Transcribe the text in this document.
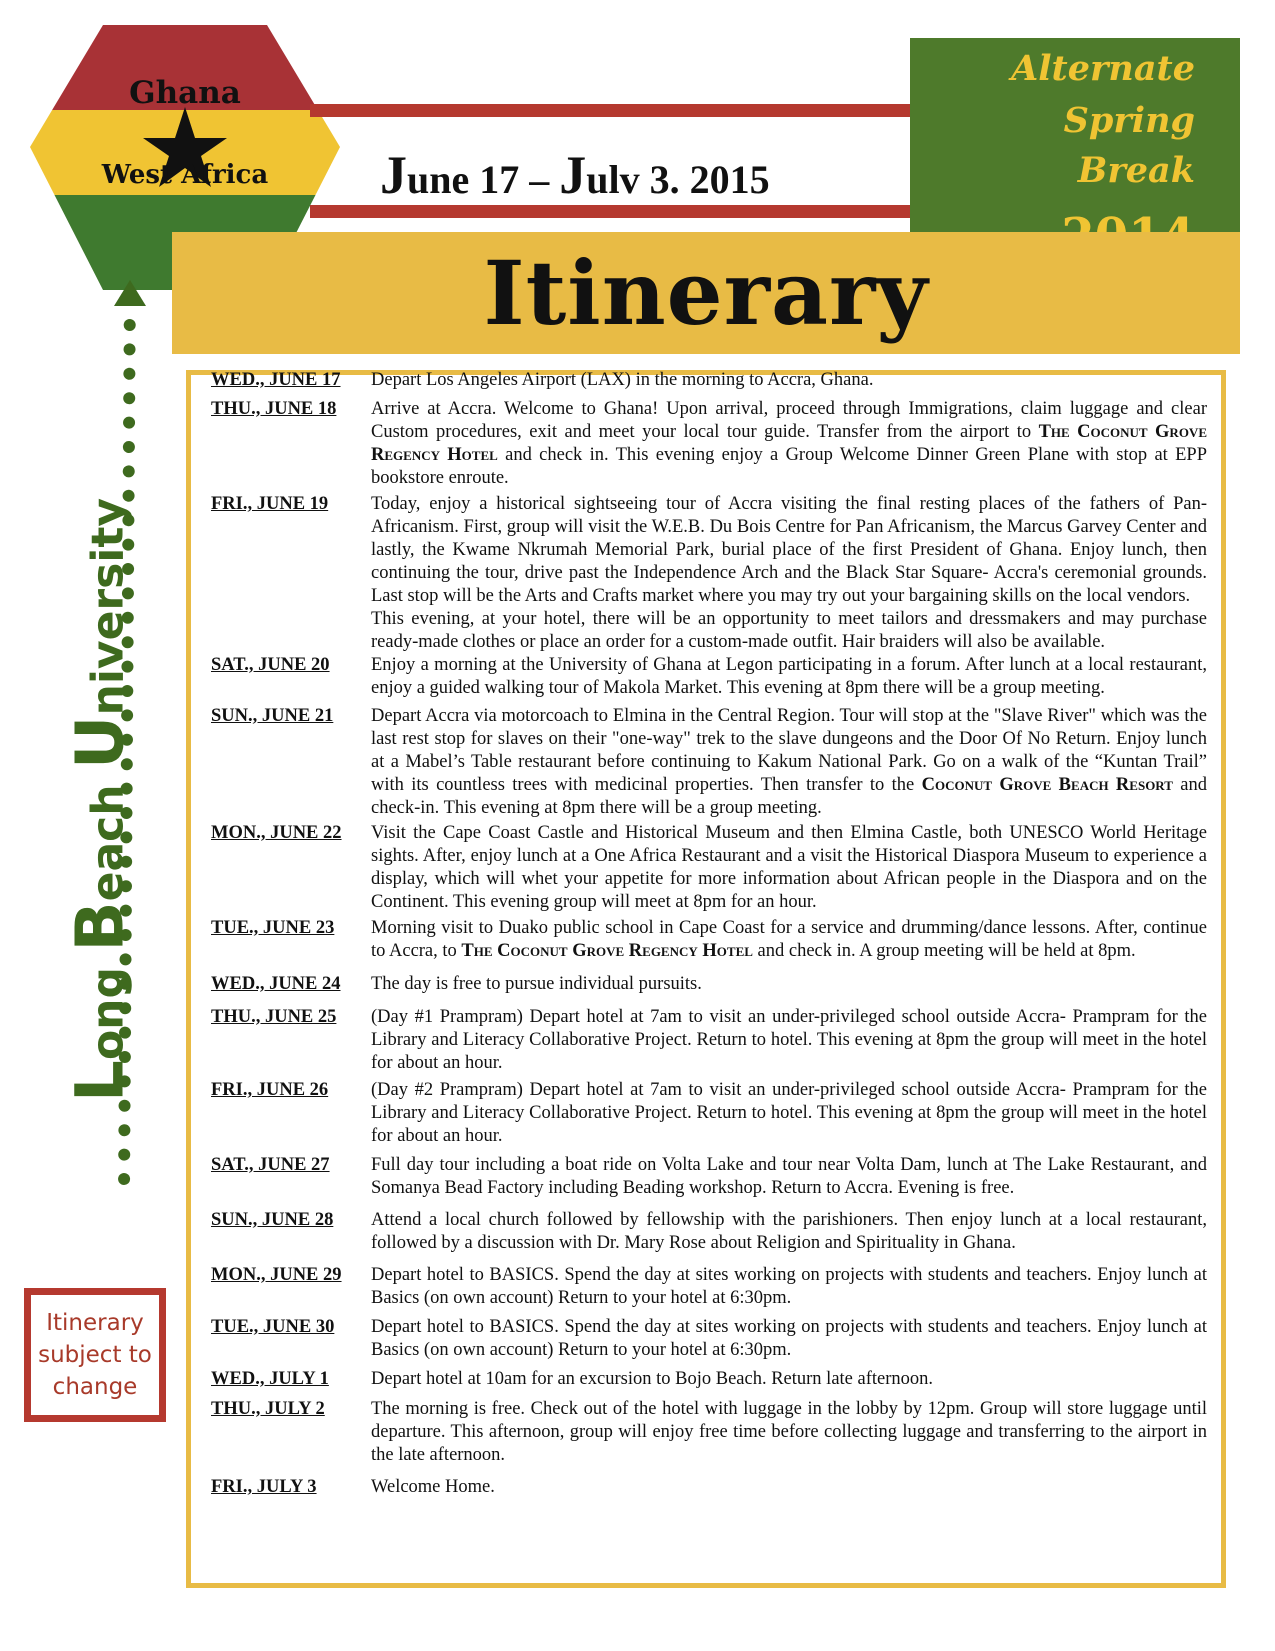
Ghana
West Africa	June 17 – Julv 3. 2015
Alternate
Spring
Break
Itinerary
Long Beach University
Itinerary subject to change
WED., JUNE 17	Depart Los Angeles Airport (LAX) in the morning to Accra, Ghana.
THU., JUNE 18	Arrive at Accra. Welcome to Ghana! Upon arrival, proceed through Immigrations, claim luggage and clear Custom procedures, exit and meet your local tour guide. Transfer from the airport to The Coconut Grove Regency Hotel and check in. This evening enjoy a Group Welcome Dinner Green Plane with stop at EPP bookstore enroute.
FRI., JUNE 19	Today, enjoy a historical sightseeing tour of Accra visiting the final resting places of the fathers of Pan-Africanism. First, group will visit the W.E.B. Du Bois Centre for Pan Africanism, the Marcus Garvey Center and lastly, the Kwame Nkrumah Memorial Park, burial place of the first President of Ghana. Enjoy lunch, then continuing the tour, drive past the Independence Arch and the Black Star Square- Accra's ceremonial grounds. Last stop will be the Arts and Crafts market where you may try out your bargaining skills on the local vendors.
This evening, at your hotel, there will be an opportunity to meet tailors and dressmakers and may purchase ready-made clothes or place an order for a custom-made outfit. Hair braiders will also be available.
SAT., JUNE 20	Enjoy a morning at the University of Ghana at Legon participating in a forum. After lunch at a local restaurant, enjoy a guided walking tour of Makola Market. This evening at 8pm there will be a group meeting.
SUN., JUNE 21	Depart Accra via motorcoach to Elmina in the Central Region. Tour will stop at the "Slave River" which was the last rest stop for slaves on their "one-way" trek to the slave dungeons and the Door Of No Return. Enjoy lunch at a Mabel’s Table restaurant before continuing to Kakum National Park. Go on a walk of the “Kuntan Trail” with its countless trees with medicinal properties. Then transfer to the Coconut Grove Beach Resort and check-in. This evening at 8pm there will be a group meeting.
MON., JUNE 22	Visit the Cape Coast Castle and Historical Museum and then Elmina Castle, both UNESCO World Heritage sights. After, enjoy lunch at a One Africa Restaurant and a visit the Historical Diaspora Museum to experience a display, which will whet your appetite for more information about African people in the Diaspora and on the Continent. This evening group will meet at 8pm for an hour.
TUE., JUNE 23	Morning visit to Duako public school in Cape Coast for a service and drumming/dance lessons. After, continue to Accra, to The Coconut Grove Regency Hotel and check in. A group meeting will be held at 8pm.
WED., JUNE 24	The day is free to pursue individual pursuits.
THU., JUNE 25	(Day #1 Prampram) Depart hotel at 7am to visit an under-privileged school outside Accra- Prampram for the Library and Literacy Collaborative Project. Return to hotel. This evening at 8pm the group will meet in the hotel for about an hour.
FRI., JUNE 26	(Day #2 Prampram) Depart hotel at 7am to visit an under-privileged school outside Accra- Prampram for the Library and Literacy Collaborative Project. Return to hotel. This evening at 8pm the group will meet in the hotel for about an hour.
SAT., JUNE 27	Full day tour including a boat ride on Volta Lake and tour near Volta Dam, lunch at The Lake Restaurant, and Somanya Bead Factory including Beading workshop. Return to Accra. Evening is free.
SUN., JUNE 28	Attend a local church followed by fellowship with the parishioners. Then enjoy lunch at a local restaurant, followed by a discussion with Dr. Mary Rose about Religion and Spirituality in Ghana.
MON., JUNE 29	Depart hotel to BASICS. Spend the day at sites working on projects with students and teachers. Enjoy lunch at Basics (on own account) Return to your hotel at 6:30pm.
TUE., JUNE 30	Depart hotel to BASICS. Spend the day at sites working on projects with students and teachers. Enjoy lunch at Basics (on own account) Return to your hotel at 6:30pm.
WED., JULY 1	Depart hotel at 10am for an excursion to Bojo Beach. Return late afternoon.
THU., JULY 2	The morning is free. Check out of the hotel with luggage in the lobby by 12pm. Group will store luggage until departure. This afternoon, group will enjoy free time before collecting luggage and transferring to the airport in the late afternoon.
FRI., JULY 3	Welcome Home.
